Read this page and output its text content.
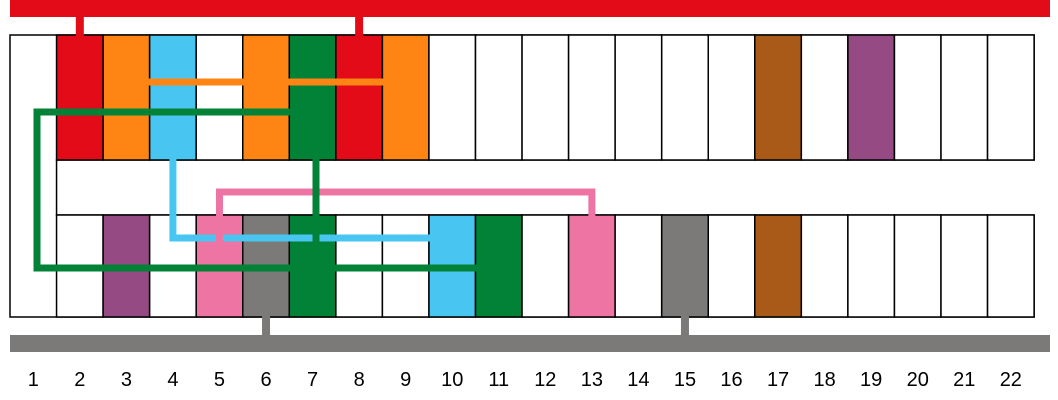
1 2 3 4 5 6 7 8 9 10 11 12 13 14 15 16 17 18 19 20 21 22
